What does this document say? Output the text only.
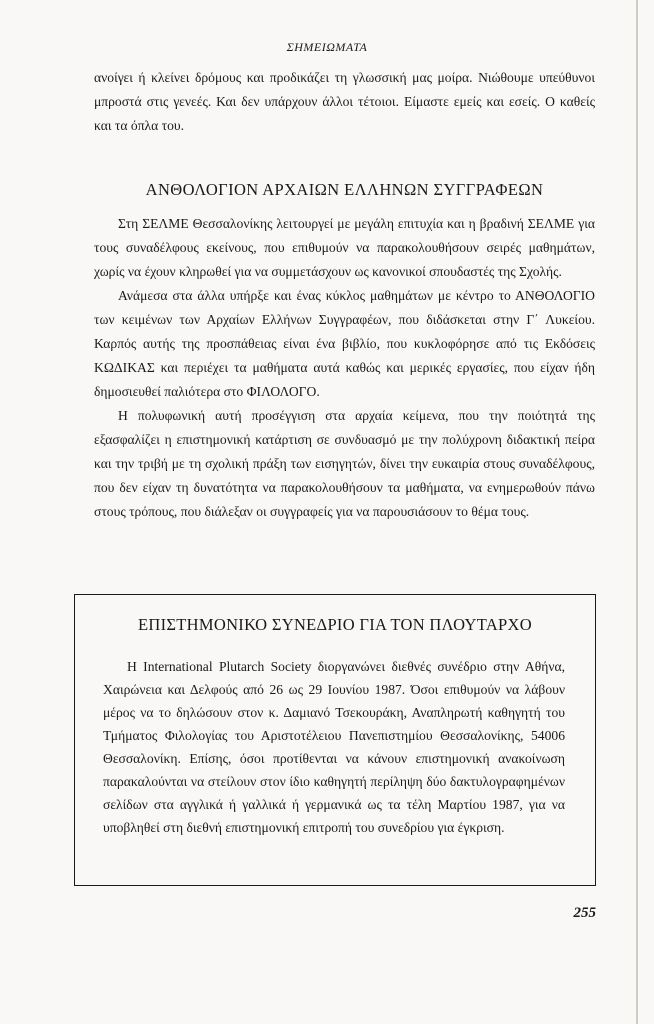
ΣΗΜΕΙΩΜΑΤΑ

ανοίγει ή κλείνει δρόμους και προδικάζει τη γλωσσική μας μοίρα. Νιώθουμε υπεύθυνοι μπροστά στις γενεές. Και δεν υπάρχουν άλλοι τέτοιοι. Είμαστε εμείς και εσείς. Ο καθείς και τα όπλα του.

ΑΝΘΟΛΟΓΙΟΝ ΑΡΧΑΙΩΝ ΕΛΛΗΝΩΝ ΣΥΓΓΡΑΦΕΩΝ

Στη ΣΕΛΜΕ Θεσσαλονίκης λειτουργεί με μεγάλη επιτυχία και η βραδινή ΣΕΛΜΕ για τους συναδέλφους εκείνους, που επιθυμούν να παρακολουθήσουν σειρές μαθημάτων, χωρίς να έχουν κληρωθεί για να συμμετάσχουν ως κανονικοί σπουδαστές της Σχολής.

Ανάμεσα στα άλλα υπήρξε και ένας κύκλος μαθημάτων με κέντρο το ΑΝΘΟΛΟΓΙΟ των κειμένων των Αρχαίων Ελλήνων Συγγραφέων, που διδάσκεται στην Γ΄ Λυκείου. Καρπός αυτής της προσπάθειας είναι ένα βιβλίο, που κυκλοφόρησε από τις Εκδόσεις ΚΩΔΙΚΑΣ και περιέχει τα μαθήματα αυτά καθώς και μερικές εργασίες, που είχαν ήδη δημοσιευθεί παλιότερα στο ΦΙΛΟΛΟΓΟ.

Η πολυφωνική αυτή προσέγγιση στα αρχαία κείμενα, που την ποιότητά της εξασφαλίζει η επιστημονική κατάρτιση σε συνδυασμό με την πολύχρονη διδακτική πείρα και την τριβή με τη σχολική πράξη των εισηγητών, δίνει την ευκαιρία στους συναδέλφους, που δεν είχαν τη δυνατότητα να παρακολουθήσουν τα μαθήματα, να ενημερωθούν πάνω στους τρόπους, που διάλεξαν οι συγγραφείς για να παρουσιάσουν το θέμα τους.

ΕΠΙΣΤΗΜΟΝΙΚΟ ΣΥΝΕΔΡΙΟ ΓΙΑ ΤΟΝ ΠΛΟΥΤΑΡΧΟ

Η International Plutarch Society διοργανώνει διεθνές συνέδριο στην Αθήνα, Χαιρώνεια και Δελφούς από 26 ως 29 Ιουνίου 1987. Όσοι επιθυμούν να λάβουν μέρος να το δηλώσουν στον κ. Δαμιανό Τσεκουράκη, Αναπληρωτή καθηγητή του Τμήματος Φιλολογίας του Αριστοτέλειου Πανεπιστημίου Θεσσαλονίκης, 54006 Θεσσαλονίκη. Επίσης, όσοι προτίθενται να κάνουν επιστημονική ανακοίνωση παρακαλούνται να στείλουν στον ίδιο καθηγητή περίληψη δύο δακτυλογραφημένων σελίδων στα αγγλικά ή γαλλικά ή γερμανικά ως τα τέλη Μαρτίου 1987, για να υποβληθεί στη διεθνή επιστημονική επιτροπή του συνεδρίου για έγκριση.

255
